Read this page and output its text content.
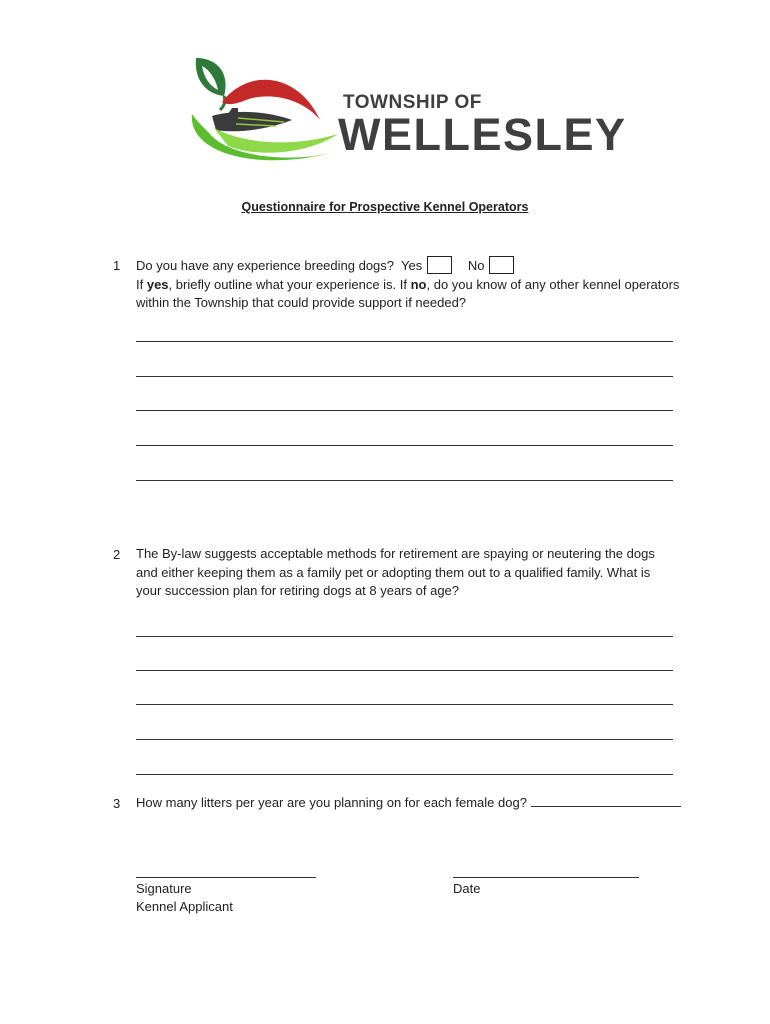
TOWNSHIP OF
WELLESLEY
Questionnaire for Prospective Kennel Operators
1 Do you have any experience breeding dogs? Yes	No
If yes, briefly outline what your experience is. If no, do you know of any other kennel operators
within the Township that could provide support if needed?
2 The By-law suggests acceptable methods for retirement are spaying or neutering the dogs and either keeping them as a family pet or adopting them out to a qualified family. What is your succession plan for retiring dogs at 8 years of age?
3 How many litters per year are you planning on for each female dog?
Signature
Kennel Applicant
Date
